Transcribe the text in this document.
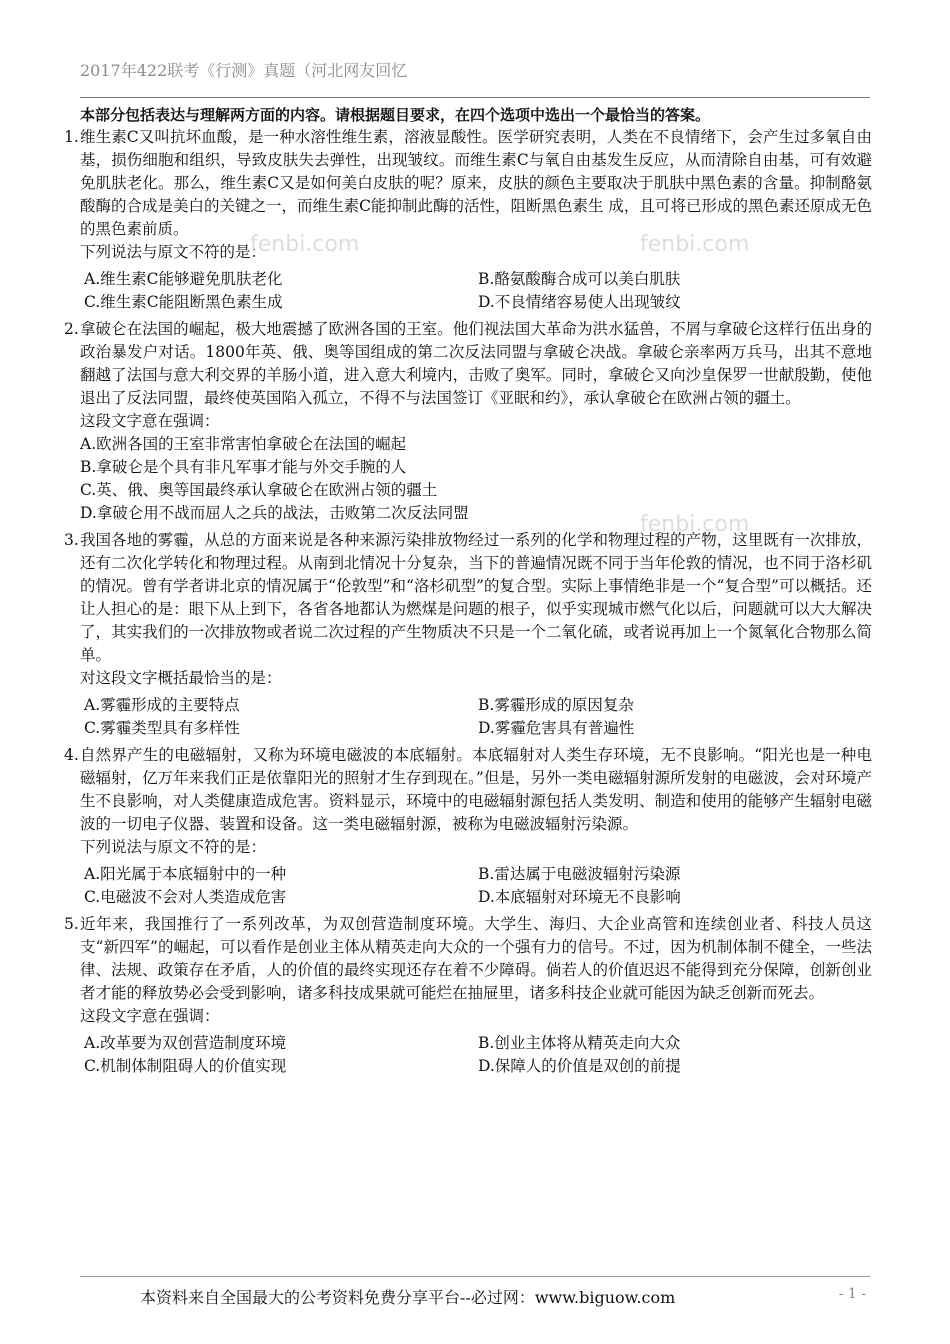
2017年422联考《行测》真题（河北网友回忆
本部分包括表达与理解两方面的内容。请根据题目要求，在四个选项中选出一个最恰当的答案。
1. 维生素C又叫抗坏血酸，是一种水溶性维生素，溶液显酸性。医学研究表明，人类在不良情绪下，会产生过多氧自由基，损伤细胞和组织，导致皮肤失去弹性，出现皱纹。而维生素C与氧自由基发生反应，从而清除自由基，可有效避免肌肤老化。那么，维生素C又是如何美白皮肤的呢？原来，皮肤的颜色主要取决于肌肤中黑色素的含量。抑制酪氨酸酶的合成是美白的关键之一，而维生素C能抑制此酶的活性，阻断黑色素生 成，且可将已形成的黑色素还原成无色的黑色素前质。
下列说法与原文不符的是：
A.维生素C能够避免肌肤老化	B.酪氨酸酶合成可以美白肌肤
C.维生素C能阻断黑色素生成	D.不良情绪容易使人出现皱纹
2. 拿破仑在法国的崛起，极大地震撼了欧洲各国的王室。他们视法国大革命为洪水猛兽，不屑与拿破仑这样行伍出身的政治暴发户对话。1800年英、俄、奥等国组成的第二次反法同盟与拿破仑决战。拿破仑亲率两万兵马，出其不意地翻越了法国与意大利交界的羊肠小道，进入意大利境内，击败了奥军。同时，拿破仑又向沙皇保罗一世献殷勤，使他退出了反法同盟，最终使英国陷入孤立，不得不与法国签订《亚眠和约》，承认拿破仑在欧洲占领的疆土。
这段文字意在强调：
A.欧洲各国的王室非常害怕拿破仑在法国的崛起
B.拿破仑是个具有非凡军事才能与外交手腕的人
C.英、俄、奥等国最终承认拿破仑在欧洲占领的疆土
D.拿破仑用不战而屈人之兵的战法，击败第二次反法同盟
3. 我国各地的雾霾，从总的方面来说是各种来源污染排放物经过一系列的化学和物理过程的产物，这里既有一次排放，还有二次化学转化和物理过程。从南到北情况十分复杂，当下的普遍情况既不同于当年伦敦的情况，也不同于洛杉矶的情况。曾有学者讲北京的情况属于“伦敦型”和“洛杉矶型”的复合型。实际上事情绝非是一个“复合型”可以概括。还让人担心的是：眼下从上到下，各省各地都认为燃煤是问题的根子，似乎实现城市燃气化以后，问题就可以大大解决了，其实我们的一次排放物或者说二次过程的产生物质决不只是一个二氧化硫，或者说再加上一个氮氧化合物那么简单。
对这段文字概括最恰当的是：
A.雾霾形成的主要特点	B.雾霾形成的原因复杂
C.雾霾类型具有多样性	D.雾霾危害具有普遍性
4. 自然界产生的电磁辐射，又称为环境电磁波的本底辐射。本底辐射对人类生存环境，无不良影响。“阳光也是一种电磁辐射，亿万年来我们正是依靠阳光的照射才生存到现在。”但是，另外一类电磁辐射源所发射的电磁波，会对环境产生不良影响，对人类健康造成危害。资料显示，环境中的电磁辐射源包括人类发明、制造和使用的能够产生辐射电磁波的一切电子仪器、装置和设备。这一类电磁辐射源，被称为电磁波辐射污染源。
下列说法与原文不符的是：
A.阳光属于本底辐射中的一种	B.雷达属于电磁波辐射污染源
C.电磁波不会对人类造成危害	D.本底辐射对环境无不良影响
5. 近年来，我国推行了一系列改革，为双创营造制度环境。大学生、海归、大企业高管和连续创业者、科技人员这支“新四军”的崛起，可以看作是创业主体从精英走向大众的一个强有力的信号。不过，因为机制体制不健全，一些法律、法规、政策存在矛盾，人的价值的最终实现还存在着不少障碍。倘若人的价值迟迟不能得到充分保障，创新创业者才能的释放势必会受到影响，诸多科技成果就可能烂在抽屉里，诸多科技企业就可能因为缺乏创新而死去。
这段文字意在强调：
A.改革要为双创营造制度环境	B.创业主体将从精英走向大众
C.机制体制阻碍人的价值实现	D.保障人的价值是双创的前提
fenbi.com	fenbi.com
fenbi.com
本资料来自全国最大的公考资料免费分享平台--必过网：www.biguow.com	- 1 -
